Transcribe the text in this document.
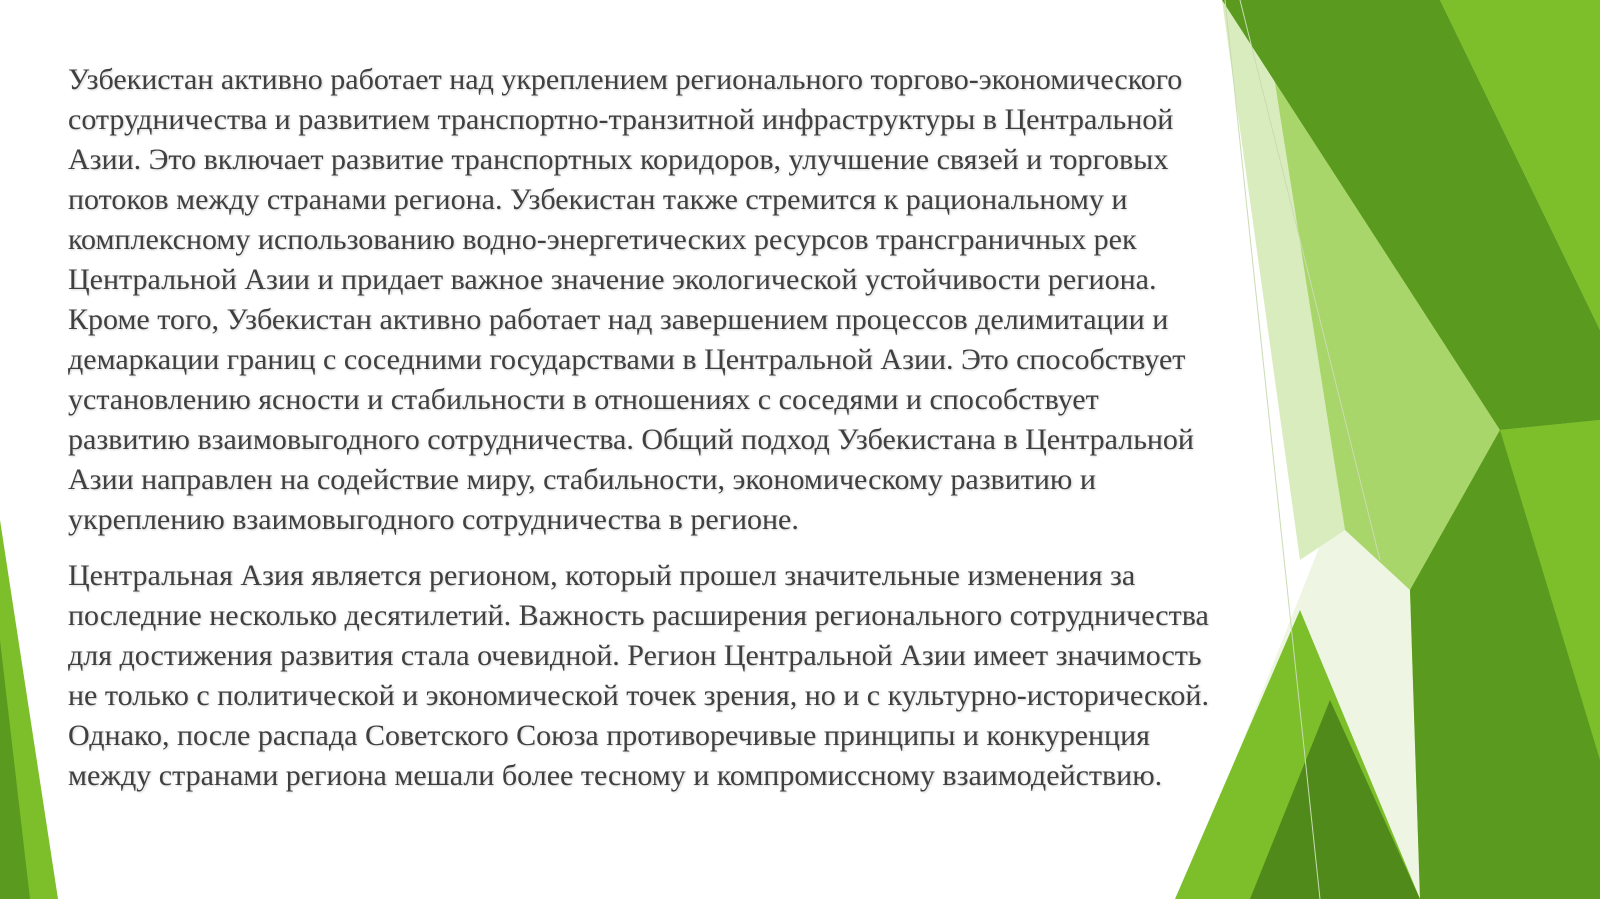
Узбекистан активно работает над укреплением регионального торгово-экономического
сотрудничества и развитием транспортно-транзитной инфраструктуры в Центральной
Азии. Это включает развитие транспортных коридоров, улучшение связей и торговых
потоков между странами региона. Узбекистан также стремится к рациональному и
комплексному использованию водно-энергетических ресурсов трансграничных рек
Центральной Азии и придает важное значение экологической устойчивости региона.
Кроме того, Узбекистан активно работает над завершением процессов делимитации и
демаркации границ с соседними государствами в Центральной Азии. Это способствует
установлению ясности и стабильности в отношениях с соседями и способствует
развитию взаимовыгодного сотрудничества. Общий подход Узбекистана в Центральной
Азии направлен на содействие миру, стабильности, экономическому развитию и
укреплению взаимовыгодного сотрудничества в регионе.

Центральная Азия является регионом, который прошел значительные изменения за
последние несколько десятилетий. Важность расширения регионального сотрудничества
для достижения развития стала очевидной. Регион Центральной Азии имеет значимость
не только с политической и экономической точек зрения, но и с культурно-исторической.
Однако, после распада Советского Союза противоречивые принципы и конкуренция
между странами региона мешали более тесному и компромиссному взаимодействию.
